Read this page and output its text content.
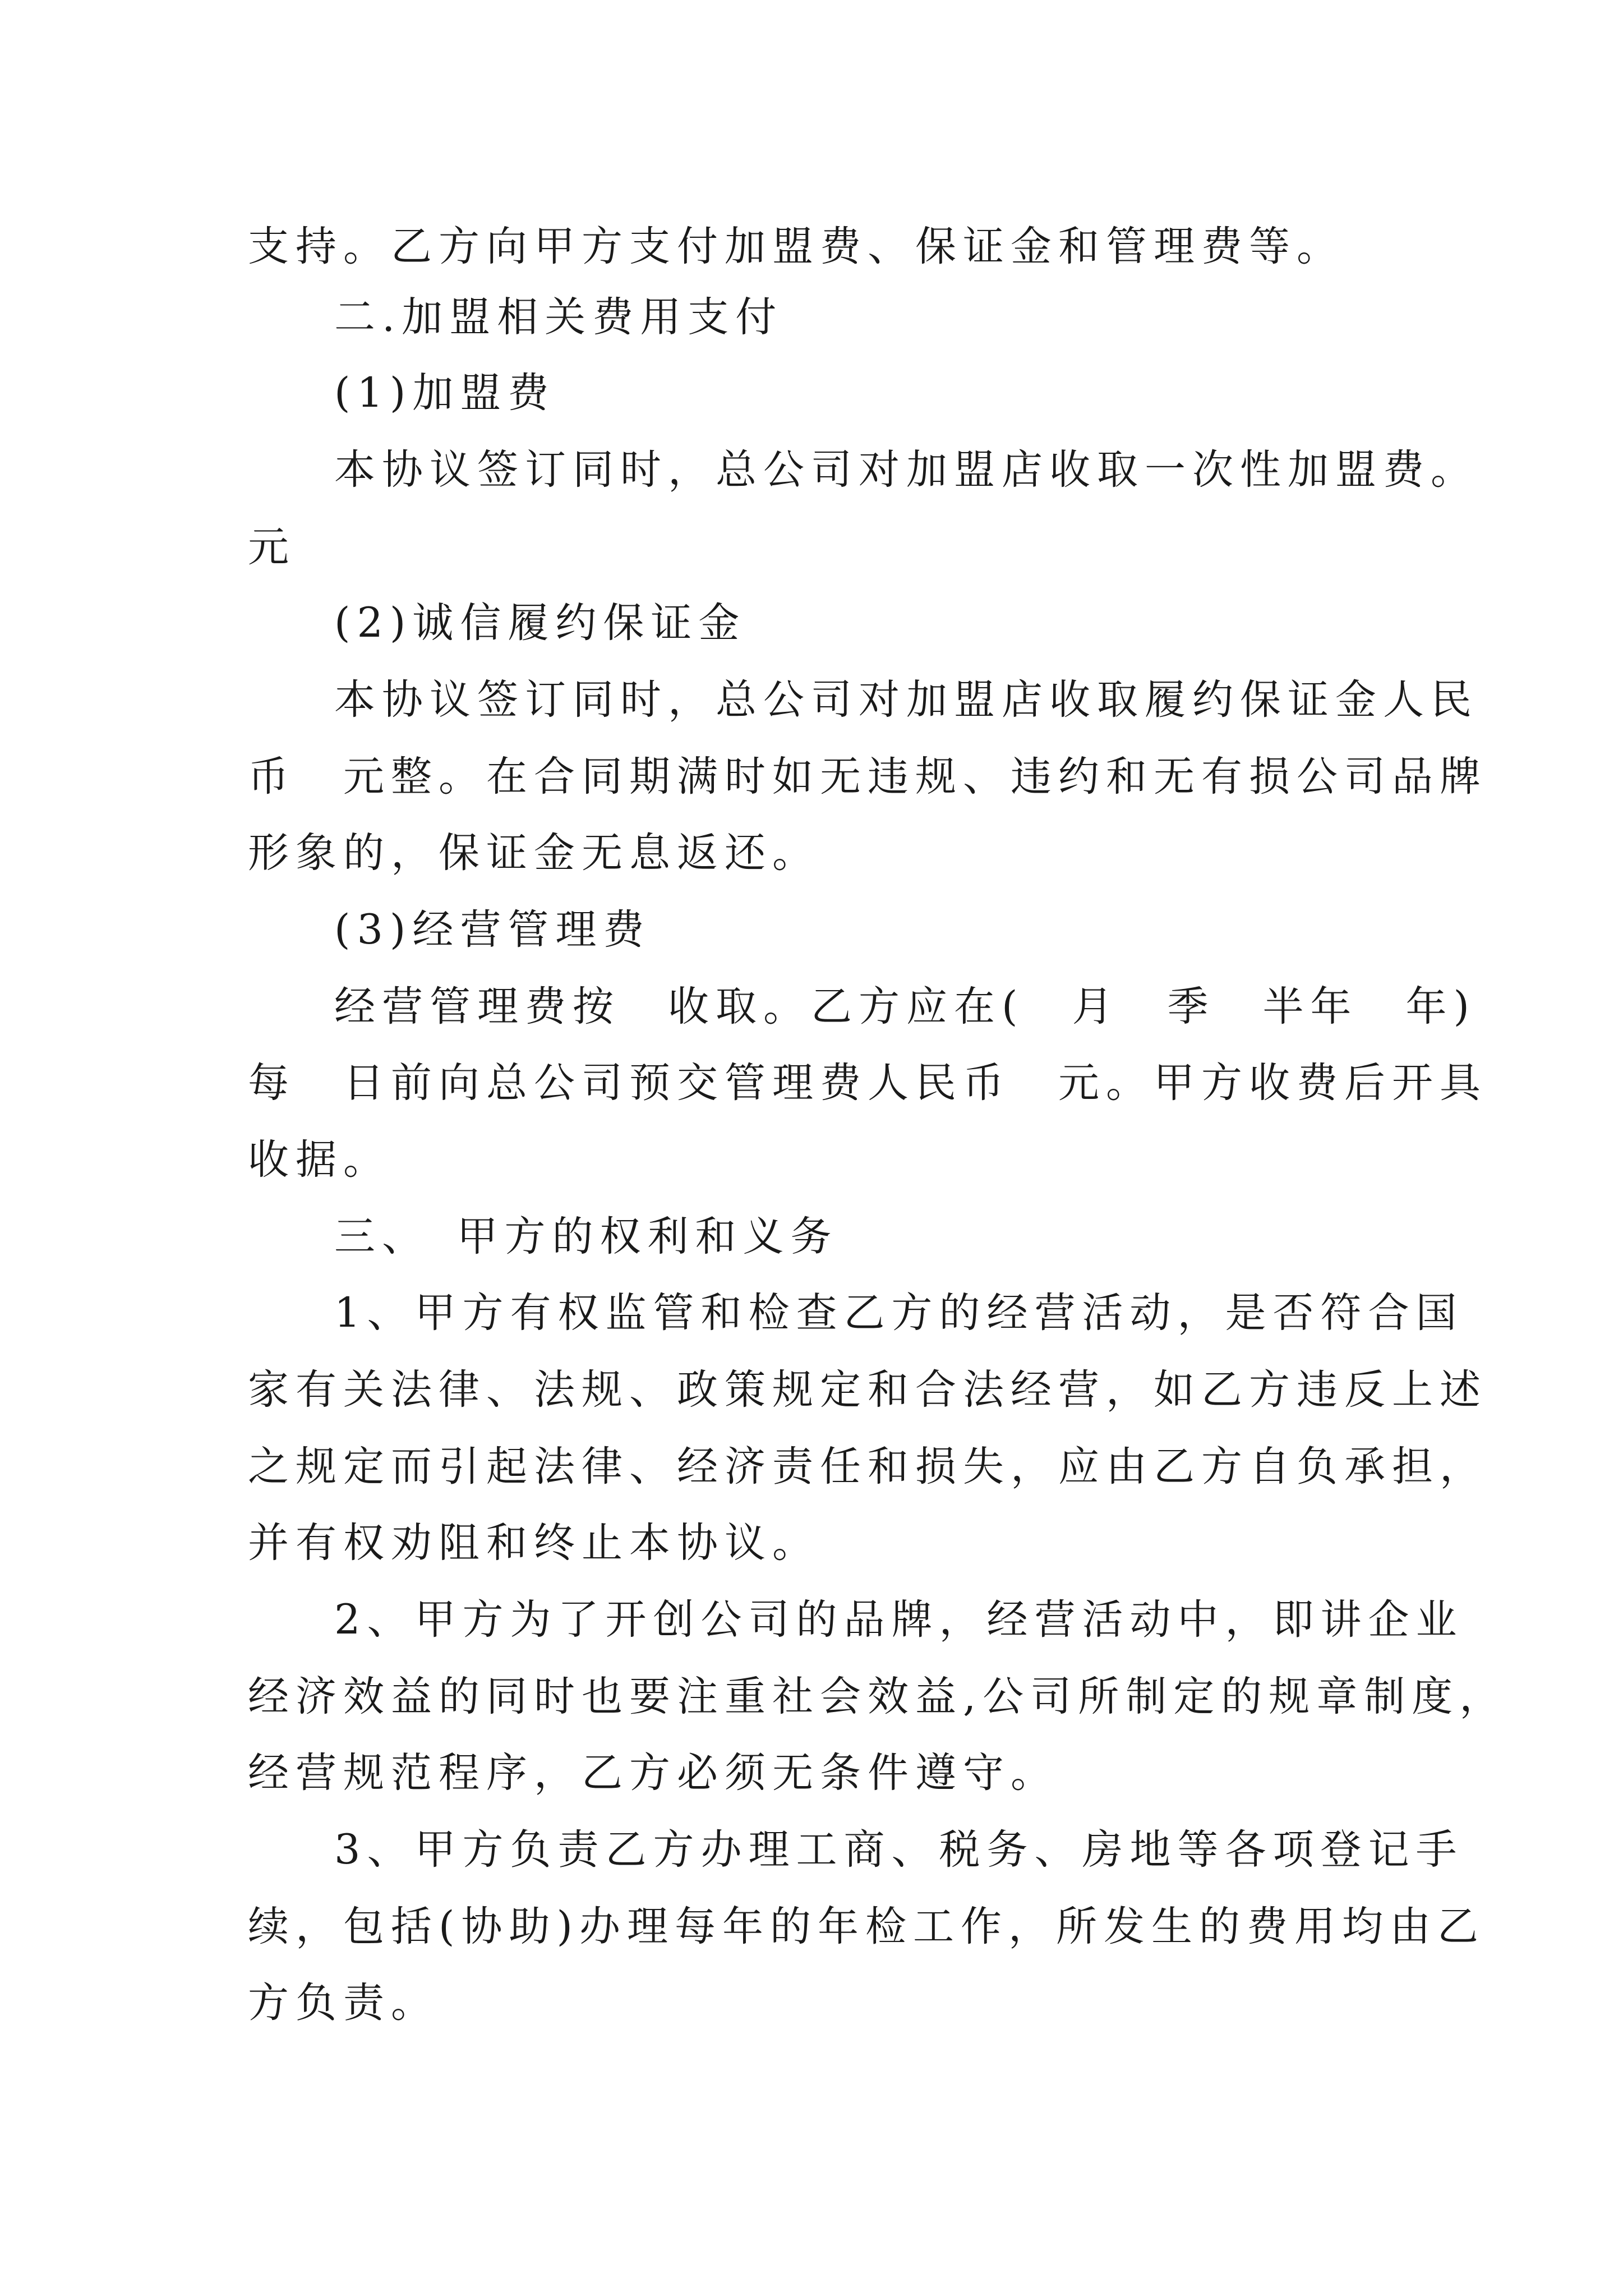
支持。乙方向甲方支付加盟费、保证金和管理费等。
二.加盟相关费用支付
(1)加盟费
本协议签订同时，总公司对加盟店收取一次性加盟费。
元
(2)诚信履约保证金
本协议签订同时，总公司对加盟店收取履约保证金人民
币　元整。在合同期满时如无违规、违约和无有损公司品牌
形象的，保证金无息返还。
(3)经营管理费
经营管理费按　收取。乙方应在(　月　季　半年　年)
每　日前向总公司预交管理费人民币　元。甲方收费后开具
收据。
三、　甲方的权利和义务
1、甲方有权监管和检查乙方的经营活动，是否符合国
家有关法律、法规、政策规定和合法经营，如乙方违反上述
之规定而引起法律、经济责任和损失，应由乙方自负承担，
并有权劝阻和终止本协议。
2、甲方为了开创公司的品牌，经营活动中，即讲企业
经济效益的同时也要注重社会效益,公司所制定的规章制度，
经营规范程序，乙方必须无条件遵守。
3、甲方负责乙方办理工商、税务、房地等各项登记手
续，包括(协助)办理每年的年检工作，所发生的费用均由乙
方负责。
